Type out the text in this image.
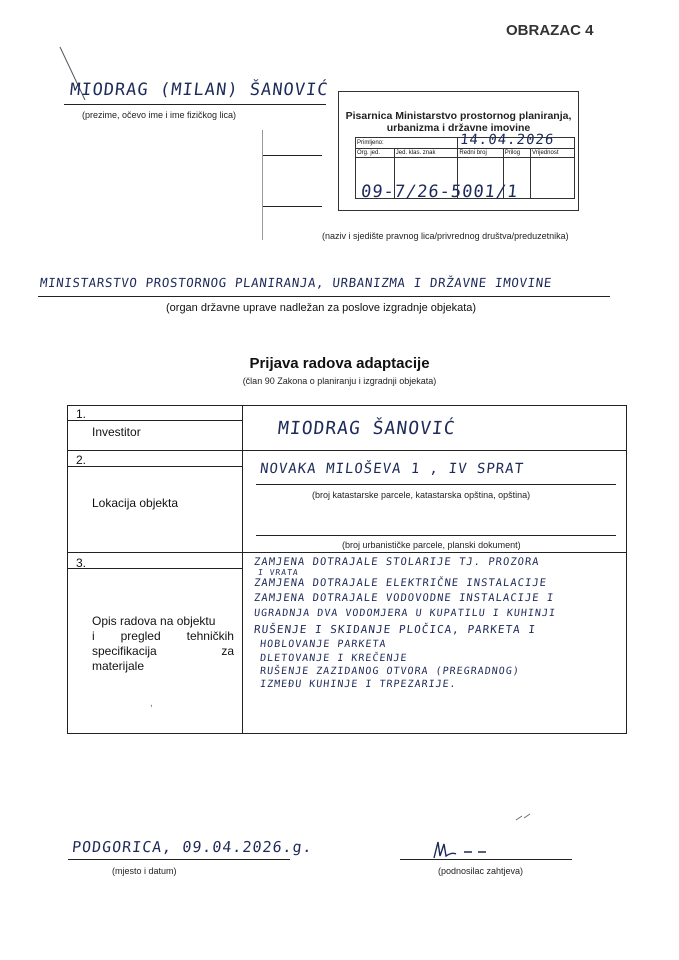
OBRAZAC 4
MIODRAG (MILAN) ŠANOVIĆ
(prezime, očevo ime i ime fizičkog lica)	Pisarnica Ministarstvo prostornog planiranja,
urbanizma i državne imovine
Primljeno:		14.04.2026		

Org. jed.	Jed. klas. znak	Redni broj	Prilog	Vrijednost

09-7/26-5001/1
(naziv i sjedište pravnog lica/privrednog društva/preduzetnika)
MINISTARSTVO PROSTORNOG PLANIRANJA, URBANIZMA I DRŽAVNE IMOVINE
(organ državne uprave nadležan za poslove izgradnje objekata)
Prijava radova adaptacije
(član 90 Zakona o planiranju i izgradnji objekata)
1.
Investitor	MIODRAG ŠANOVIĆ
2.
Lokacija objekta
NOVAKA MILOŠEVA 1 , IV SPRAT
(broj katastarske parcele, katastarska opština, opština)
(broj urbanističke parcele, planski dokument)
3.
Opis radova na objektu
i pregled tehničkih
specifikacija	za
materijale
,
ZAMJENA DOTRAJALE STOLARIJE TJ. PROZORA
I VRATA
ZAMJENA DOTRAJALE ELEKTRIČNE INSTALACIJE
ZAMJENA DOTRAJALE VODOVODNE INSTALACIJE I
UGRADNJA DVA VODOMJERA U KUPATILU I KUHINJI
RUŠENJE I SKIDANJE PLOČICA, PARKETA I
HOBLOVANJE PARKETA
DLETOVANJE I KREČENJE
RUŠENJE ZAZIDANOG OTVORA (PREGRADNOG)
IZMEĐU KUHINJE I TRPEZARIJE.
PODGORICA, 09.04.2026.g.
(mjesto i datum)	(podnosilac zahtjeva)
